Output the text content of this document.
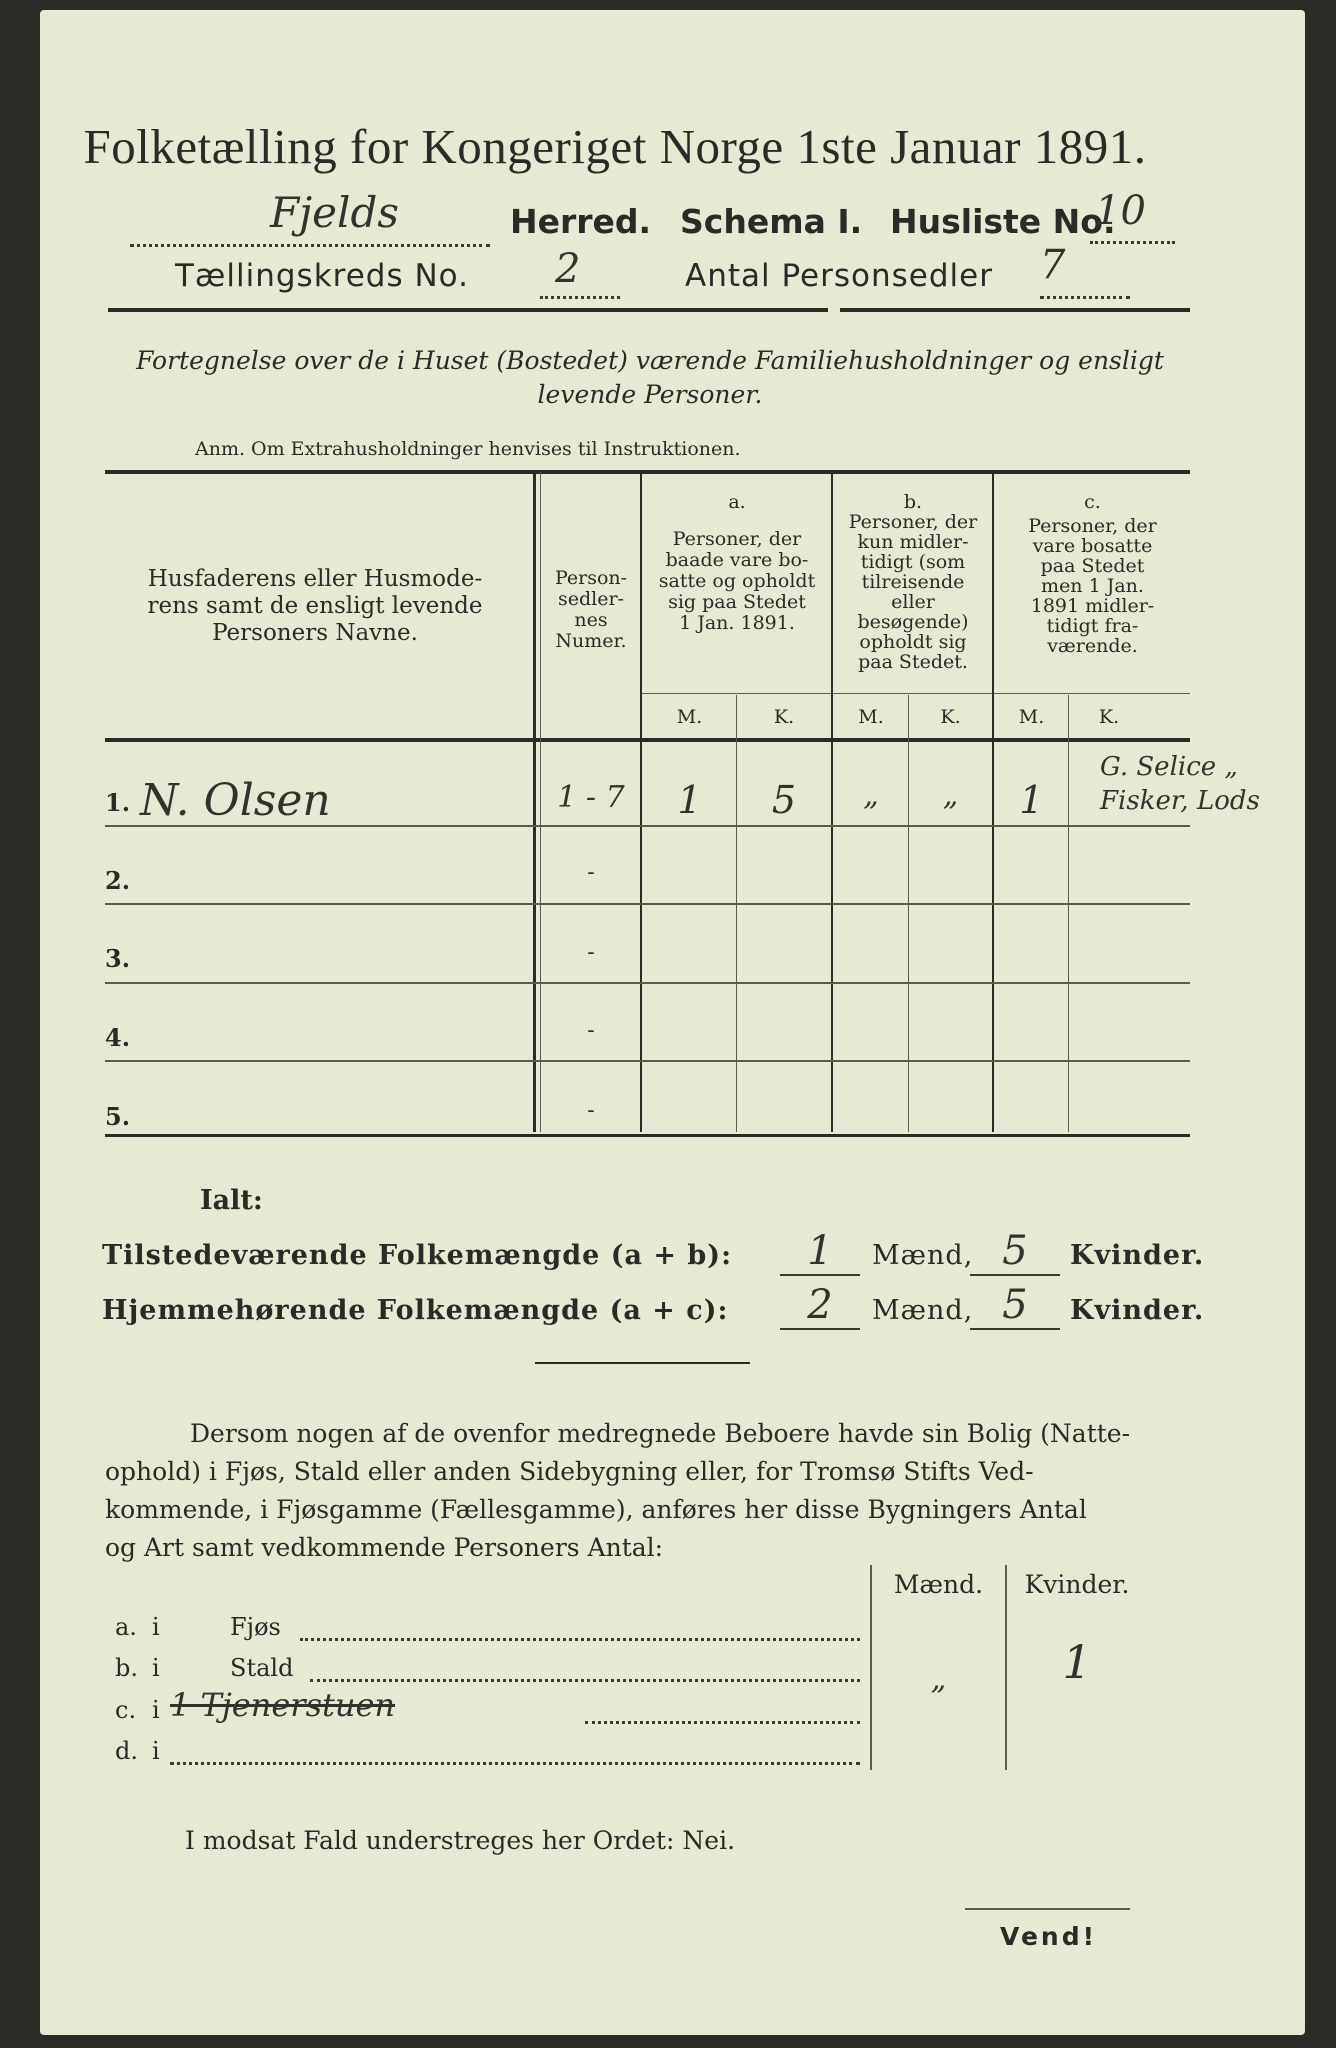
Folketælling for Kongeriget Norge 1ste Januar 1891.
Fjelds	Herred. Schema I. Husliste No.
10
Tællingskreds No. 2	Antal Personsedler 7
Fortegnelse over de i Huset (Bostedet) værende Familiehusholdninger og ensligt
levende Personer.
Anm. Om Extrahusholdninger henvises til Instruktionen.
Husfaderens eller Husmode-
rens samt de ensligt levende
Personers Navne.
Person-
sedler-
nes
Numer.
a.
Personer, der
baade vare bo-
satte og opholdt
sig paa Stedet
1 Jan. 1891.
b.
Personer, der
kun midler-
tidigt (som
tilreisende
eller
besøgende)
opholdt sig
paa Stedet.
c.
Personer, der
vare bosatte
paa Stedet
men 1 Jan.
1891 midler-
tidigt fra-
værende.
M.	K.	M.	K.	M.	K.
1. N. Olsen	1 - 7	1	5	„	„	1
G. Selice „ Fisker, Lods
2.	-
3.	-
4.	-
5.	-
Ialt:
Tilstedeværende Folkemængde (a + b):	1	Mænd, 5	Kvinder.
Hjemmehørende Folkemængde (a + c):	2	Mænd, 5	Kvinder.
Dersom nogen af de ovenfor medregnede Beboere havde sin Bolig (Natte-
ophold) i Fjøs, Stald eller anden Sidebygning eller, for Tromsø Stifts Ved-
kommende, i Fjøsgamme (Fællesgamme), anføres her disse Bygningers Antal
og Art samt vedkommende Personers Antal:
Mænd.	Kvinder.
a. i	Fjøs
b. i	Stald	„	1
c. i 1 Tjenerstuen
d. i
I modsat Fald understreges her Ordet: Nei.
Vend!
